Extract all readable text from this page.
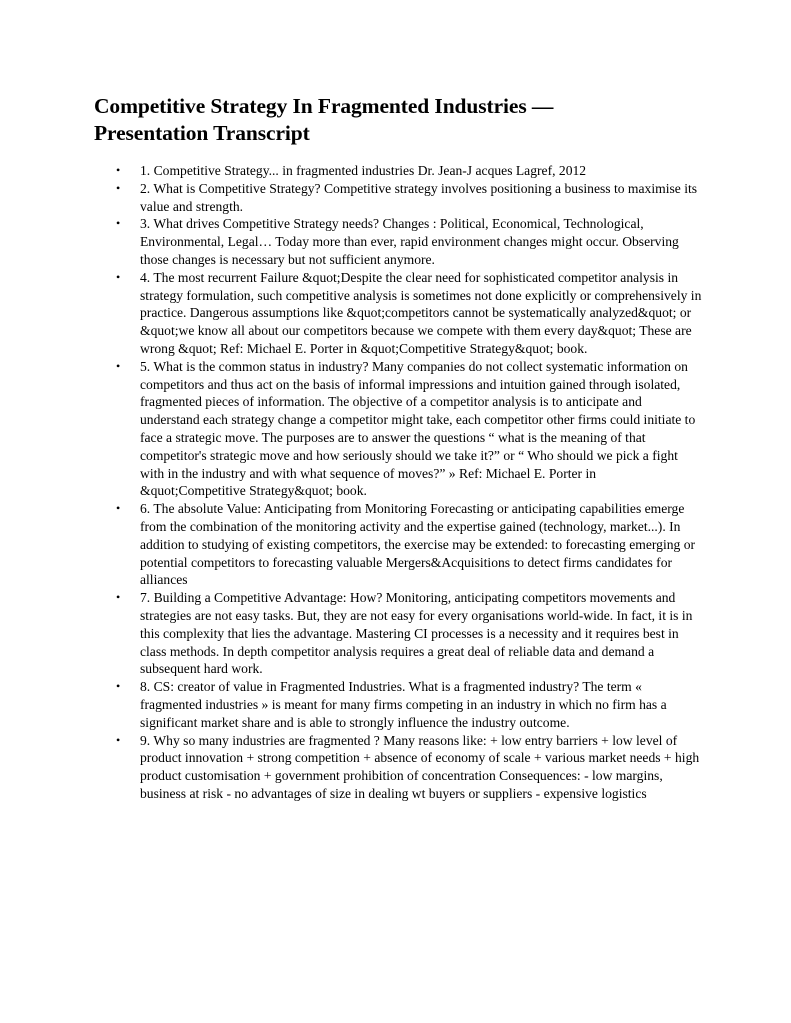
Competitive Strategy In Fragmented Industries —
Presentation Transcript
• 1. Competitive Strategy... in fragmented industries Dr. Jean-J acques Lagref, 2012
• 2. What is Competitive Strategy? Competitive strategy involves positioning a business to maximise its value and strength.
• 3. What drives Competitive Strategy needs? Changes : Political, Economical, Technological, Environmental, Legal… Today more than ever, rapid environment changes might occur. Observing those changes is necessary but not sufficient anymore.
• 4. The most recurrent Failure &quot;Despite the clear need for sophisticated competitor analysis in strategy formulation, such competitive analysis is sometimes not done explicitly or comprehensively in practice. Dangerous assumptions like &quot;competitors cannot be systematically analyzed&quot; or &quot;we know all about our competitors because we compete with them every day&quot; These are wrong &quot; Ref: Michael E. Porter in &quot;Competitive Strategy&quot; book.
• 5. What is the common status in industry? Many companies do not collect systematic information on competitors and thus act on the basis of informal impressions and intuition gained through isolated, fragmented pieces of information. The objective of a competitor analysis is to anticipate and understand each strategy change a competitor might take, each competitor other firms could initiate to face a strategic move. The purposes are to answer the questions “ what is the meaning of that competitor's strategic move and how seriously should we take it?” or “ Who should we pick a fight with in the industry and with what sequence of moves?” » Ref: Michael E. Porter in &quot;Competitive Strategy&quot; book.
• 6. The absolute Value: Anticipating from Monitoring Forecasting or anticipating capabilities emerge from the combination of the monitoring activity and the expertise gained (technology, market...). In addition to studying of existing competitors, the exercise may be extended: to forecasting emerging or potential competitors to forecasting valuable Mergers&Acquisitions to detect firms candidates for alliances
• 7. Building a Competitive Advantage: How? Monitoring, anticipating competitors movements and strategies are not easy tasks. But, they are not easy for every organisations world-wide. In fact, it is in this complexity that lies the advantage. Mastering CI processes is a necessity and it requires best in class methods. In depth competitor analysis requires a great deal of reliable data and demand a subsequent hard work.
• 8. CS: creator of value in Fragmented Industries. What is a fragmented industry? The term « fragmented industries » is meant for many firms competing in an industry in which no firm has a significant market share and is able to strongly influence the industry outcome.
• 9. Why so many industries are fragmented ? Many reasons like: + low entry barriers + low level of product innovation + strong competition + absence of economy of scale + various market needs + high product customisation + government prohibition of concentration Consequences: - low margins, business at risk - no advantages of size in dealing wt buyers or suppliers - expensive logistics
